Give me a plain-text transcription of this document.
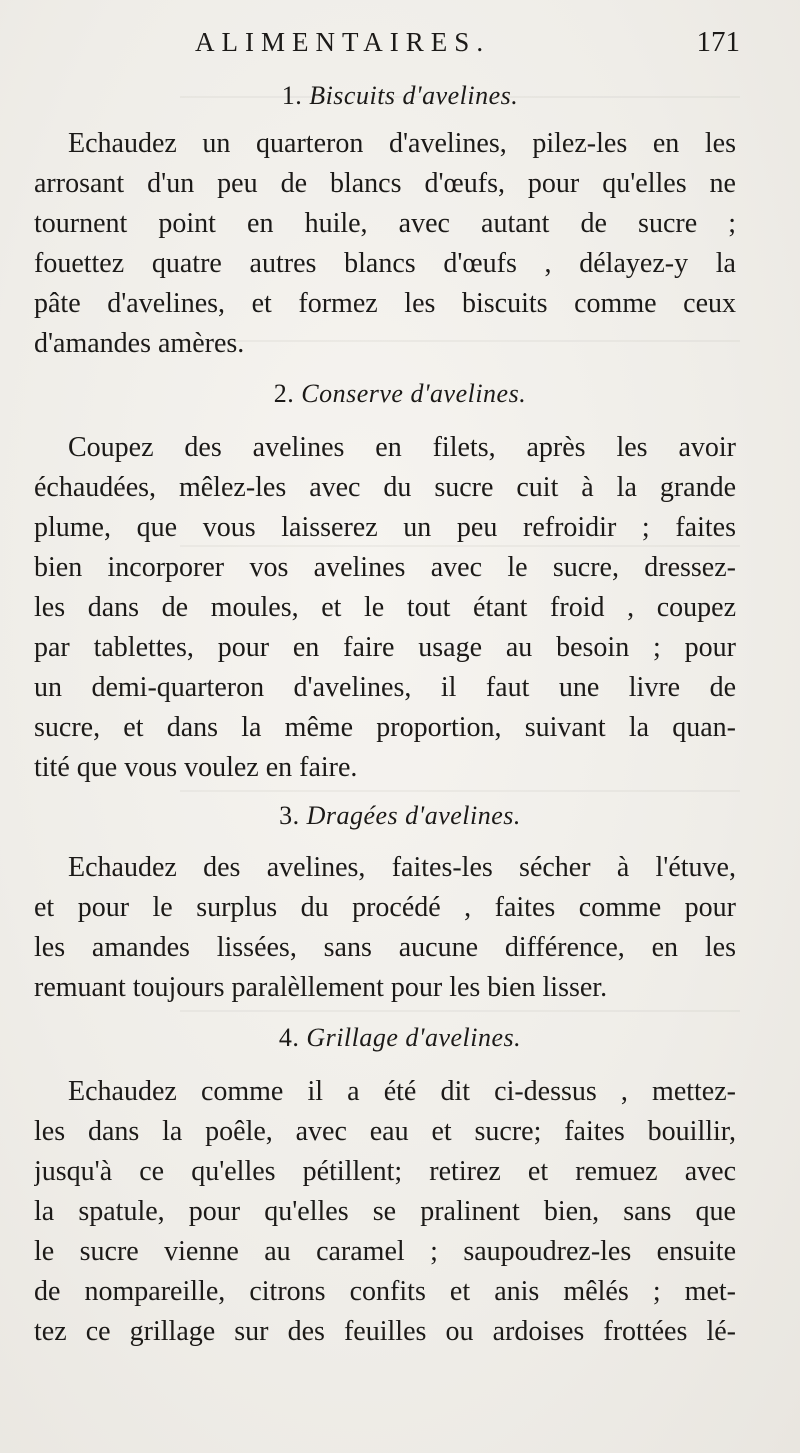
ALIMENTAIRES.	171
1. Biscuits d'avelines.
Echaudez un quarteron d'avelines, pilez-les en les
arrosant d'un peu de blancs d'œufs, pour qu'elles ne
tournent point en huile, avec autant de sucre ;
fouettez quatre autres blancs d'œufs , délayez-y la
pâte d'avelines, et formez les biscuits comme ceux
d'amandes amères.
2. Conserve d'avelines.
Coupez des avelines en filets, après les avoir
échaudées, mêlez-les avec du sucre cuit à la grande
plume, que vous laisserez un peu refroidir ; faites
bien incorporer vos avelines avec le sucre, dressez-
les dans de moules, et le tout étant froid , coupez
par tablettes, pour en faire usage au besoin ; pour
un demi-quarteron d'avelines, il faut une livre de
sucre, et dans la même proportion, suivant la quan-
tité que vous voulez en faire.
3. Dragées d'avelines.
Echaudez des avelines, faites-les sécher à l'étuve,
et pour le surplus du procédé , faites comme pour
les amandes lissées, sans aucune différence, en les
remuant toujours paralèllement pour les bien lisser.
4. Grillage d'avelines.
Echaudez comme il a été dit ci-dessus , mettez-
les dans la poêle, avec eau et sucre; faites bouillir,
jusqu'à ce qu'elles pétillent; retirez et remuez avec
la spatule, pour qu'elles se pralinent bien, sans que
le sucre vienne au caramel ; saupoudrez-les ensuite
de nompareille, citrons confits et anis mêlés ; met-
tez ce grillage sur des feuilles ou ardoises frottées lé-
